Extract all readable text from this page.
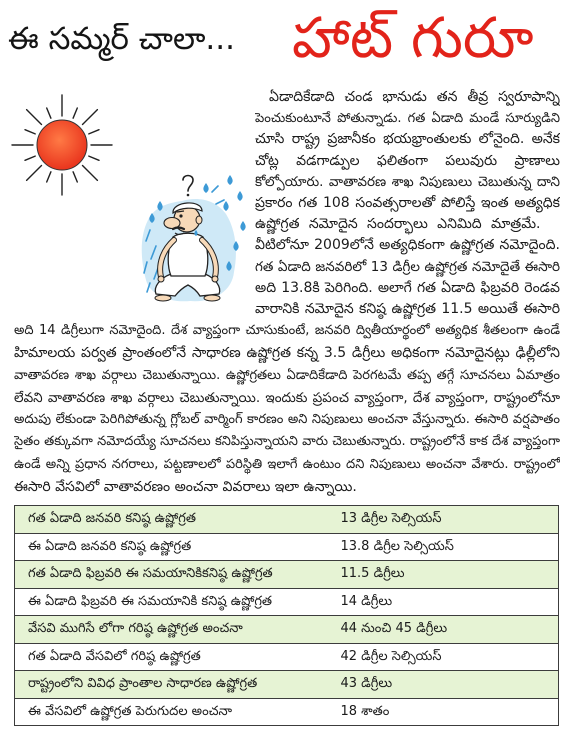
ఈ సమ్మర్ చాలా...	హాట్ గురూ
ఏడాదికేడాది చండ భానుడు తన తీవ్ర స్వరూపాన్ని
పెంచుకుంటూనే పోతున్నాడు. గత ఏడాది మండే సూర్యుడిని
చూసి రాష్ట్ర ప్రజానీకం భయభ్రాంతులకు లోనైంది. అనేక
చోట్ల వడగాడ్పుల ఫలితంగా పలువురు ప్రాణాలు
కోల్పోయారు. వాతావరణ శాఖ నిపుణులు చెబుతున్న దాని
ప్రకారం గత 108 సంవత్సరాలతో పోలిస్తే ఇంత అత్యధిక
ఉష్ణోగ్రత నమోదైన సందర్భాలు ఎనిమిది మాత్రమే.
వీటిలోనూ 2009లోనే అత్యధికంగా ఉష్ణోగ్రత నమోదైంది.
గత ఏడాది జనవరిలో 13 డిగ్రీల ఉష్ణోగ్రత నమోదైతే ఈసారి
అది 13.8కి పెరిగింది. అలాగే గత ఏడాది ఫిబ్రవరి రెండవ
వారానికి నమోదైన కనిష్ఠ ఉష్ణోగ్రత 11.5 అయితే ఈసారి
అది 14 డిగ్రీలుగా నమోదైంది. దేశ వ్యాప్తంగా చూసుకుంటే, జనవరి ద్వితీయార్థంలో అత్యధిక శీతలంగా ఉండే
హిమాలయ పర్వత ప్రాంతంలోనే సాధారణ ఉష్ణోగ్రత కన్న 3.5 డిగ్రీలు అధికంగా నమోదైనట్లు ఢిల్లీలోని
వాతావరణ శాఖ వర్గాలు చెబుతున్నాయి. ఉష్ణోగ్రతలు ఏడాదికేడాది పెరగటమే తప్ప తగ్గే సూచనలు ఏమాత్రం
లేవని వాతావరణ శాఖ వర్గాలు చెబుతున్నాయి. ఇందుకు ప్రపంచ వ్యాప్తంగా, దేశ వ్యాప్తంగా, రాష్ట్రంలోనూ
అదుపు లేకుండా పెరిగిపోతున్న గ్లోబల్ వార్మింగ్ కారణం అని నిపుణులు అంచనా వేస్తున్నారు. ఈసారి వర్షపాతం
సైతం తక్కువగా నమోదయ్యే సూచనలు కనిపిస్తున్నాయని వారు చెబుతున్నారు. రాష్ట్రంలోనే కాక దేశ వ్యాప్తంగా
ఉండే అన్ని ప్రధాన నగరాలు, పట్టణాలలో పరిస్థితి ఇలాగే ఉంటుం దని నిపుణులు అంచనా వేశారు. రాష్ట్రంలో
ఈసారి వేసవిలో వాతావరణం అంచనా వివరాలు ఇలా ఉన్నాయి.
గత ఏడాది జనవరి కనిష్ఠ ఉష్ణోగ్రత	13 డిగ్రీల సెల్సియస్

ఈ ఏడాది జనవరి కనిష్ఠ ఉష్ణోగ్రత	13.8 డిగ్రీల సెల్సియస్

గత ఏడాది ఫిబ్రవరి ఈ సమయానికికనిష్ఠ ఉష్ణోగ్రత	11.5 డిగ్రీలు

ఈ ఏడాది ఫిబ్రవరి ఈ సమయానికి కనిష్ఠ ఉష్ణోగ్రత	14 డిగ్రీలు

వేసవి ముగిసే లోగా గరిష్ఠ ఉష్ణోగ్రత అంచనా	44 నుంచి 45 డిగ్రీలు

గత ఏడాది వేసవిలో గరిష్ఠ ఉష్ణోగ్రత	42 డిగ్రీల సెల్సియస్

రాష్ట్రంలోని వివిధ ప్రాంతాల సాధారణ ఉష్ణోగ్రత	43 డిగ్రీలు

ఈ వేసవిలో ఉష్ణోగ్రత పెరుగుదల అంచనా	18 శాతం
